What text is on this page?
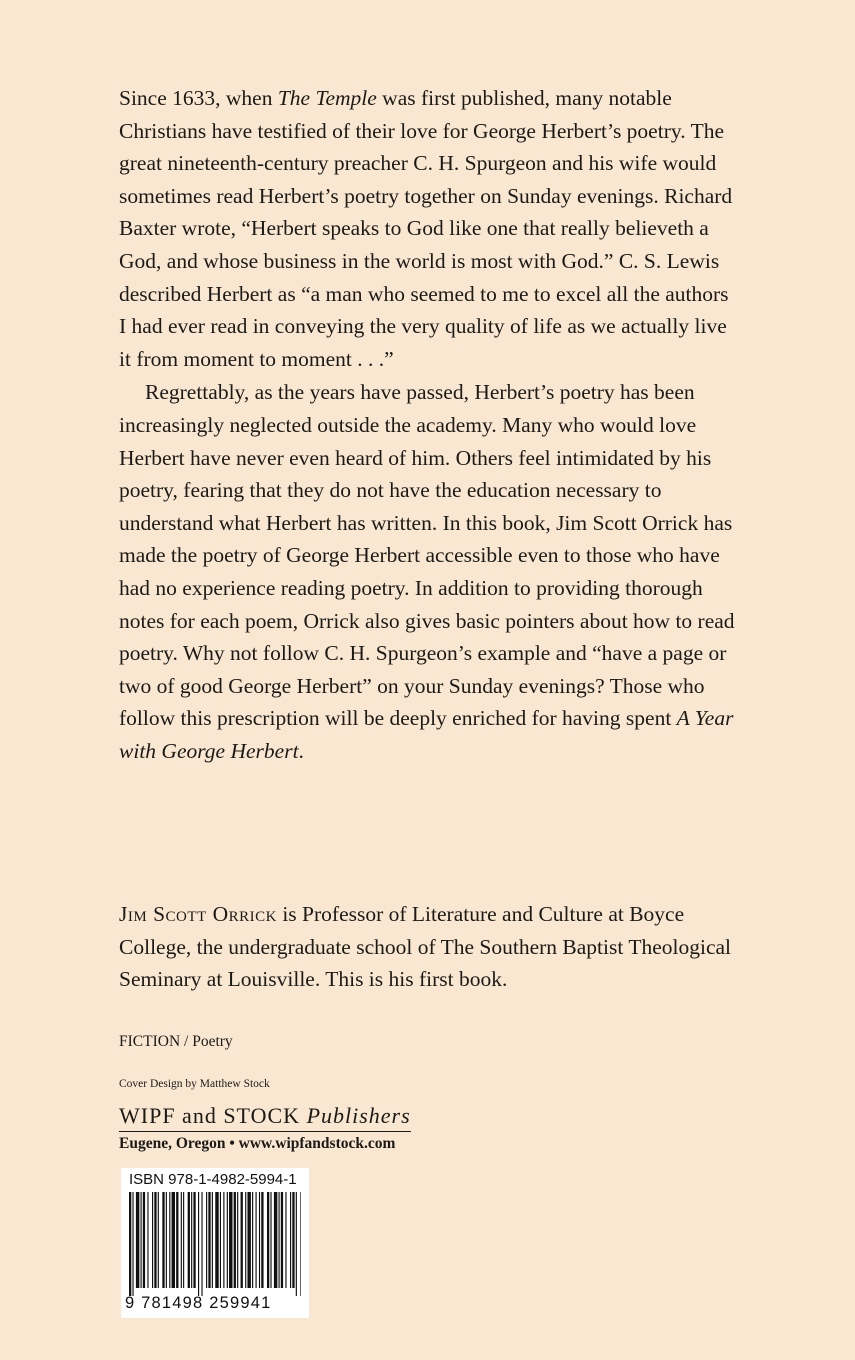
Since 1633, when The Temple was first published, many notable Christians have testified of their love for George Herbert’s poetry. The great nineteenth-century preacher C. H. Spurgeon and his wife would sometimes read Herbert’s poetry together on Sunday evenings. Richard Baxter wrote, “Herbert speaks to God like one that really believeth a God, and whose business in the world is most with God.” C. S. Lewis described Herbert as “a man who seemed to me to excel all the authors I had ever read in conveying the very quality of life as we actually live it from moment to moment . . .”

Regrettably, as the years have passed, Herbert’s poetry has been increasingly neglected outside the academy. Many who would love Herbert have never even heard of him. Others feel intimidated by his poetry, fearing that they do not have the education necessary to understand what Herbert has written. In this book, Jim Scott Orrick has made the poetry of George Herbert accessible even to those who have had no experience reading poetry. In addition to providing thorough notes for each poem, Orrick also gives basic pointers about how to read poetry. Why not follow C. H. Spurgeon’s example and “have a page or two of good George Herbert” on your Sunday evenings? Those who follow this prescription will be deeply enriched for having spent A Year with George Herbert.

Jim Scott Orrick is Professor of Literature and Culture at Boyce College, the undergraduate school of The Southern Baptist Theological Seminary at Louisville. This is his first book.
FICTION / Poetry
Cover Design by Matthew Stock
WIPF and STOCK Publishers
Eugene, Oregon • www.wipfandstock.com
ISBN 978-1-4982-5994-1
9 781498 259941
